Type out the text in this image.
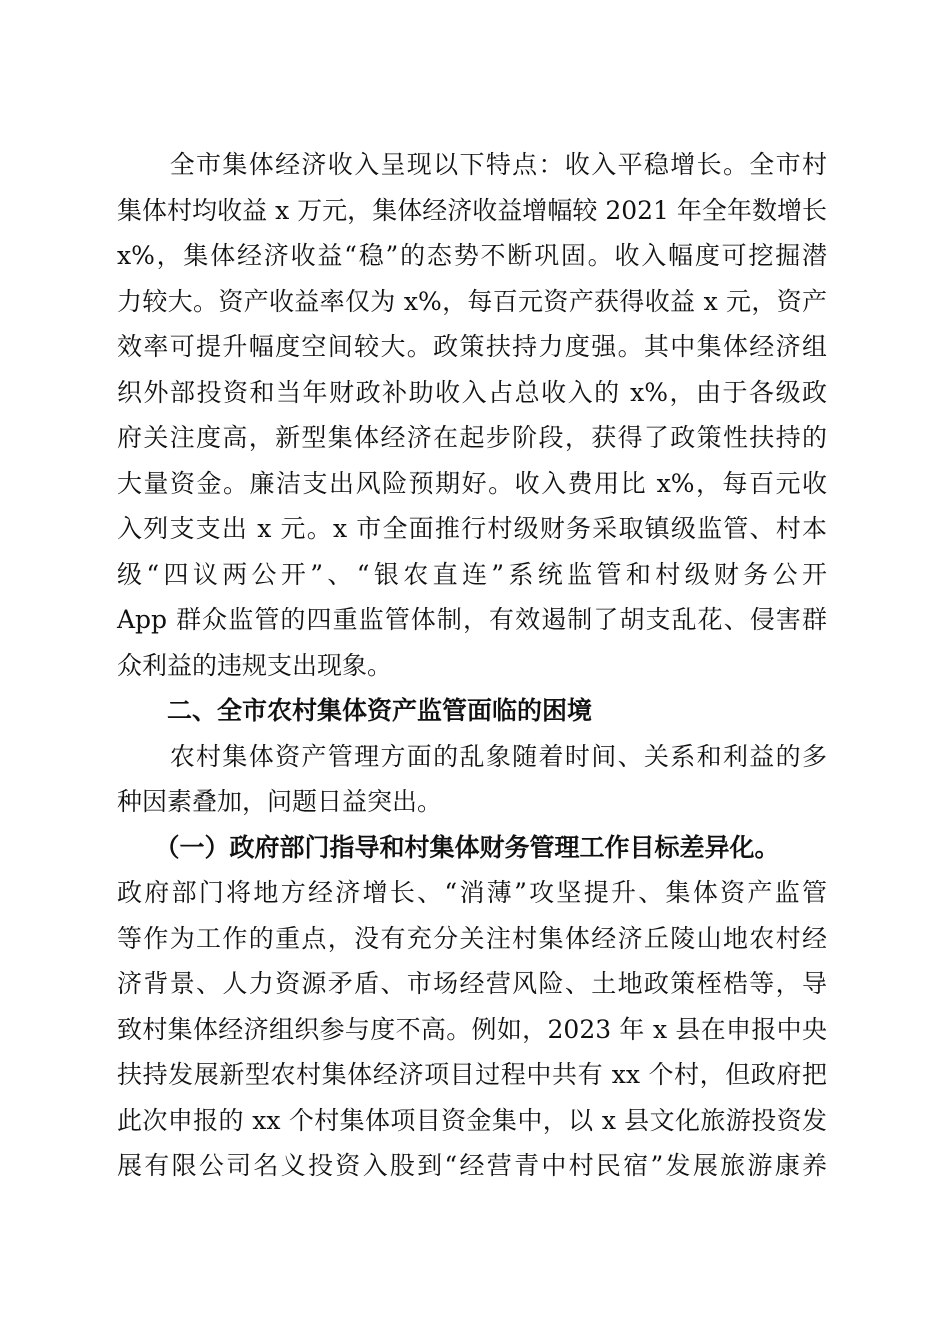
　　全市集体经济收入呈现以下特点：收入平稳增长。全市村
集体村均收益 x 万元，集体经济收益增幅较 2021 年全年数增长
x%，集体经济收益“稳”的态势不断巩固。收入幅度可挖掘潜
力较大。资产收益率仅为 x%，每百元资产获得收益 x 元，资产
效率可提升幅度空间较大。政策扶持力度强。其中集体经济组
织外部投资和当年财政补助收入占总收入的 x%，由于各级政
府关注度高，新型集体经济在起步阶段，获得了政策性扶持的
大量资金。廉洁支出风险预期好。收入费用比 x%，每百元收
入列支支出 x 元。x 市全面推行村级财务采取镇级监管、村本
级“四议两公开”、“银农直连”系统监管和村级财务公开
App 群众监管的四重监管体制，有效遏制了胡支乱花、侵害群
众利益的违规支出现象。
　　二、全市农村集体资产监管面临的困境
　　农村集体资产管理方面的乱象随着时间、关系和利益的多
种因素叠加，问题日益突出。
　　（一）政府部门指导和村集体财务管理工作目标差异化。
政府部门将地方经济增长、“消薄”攻坚提升、集体资产监管
等作为工作的重点，没有充分关注村集体经济丘陵山地农村经
济背景、人力资源矛盾、市场经营风险、土地政策桎梏等，导
致村集体经济组织参与度不高。例如，2023 年 x 县在申报中央
扶持发展新型农村集体经济项目过程中共有 xx 个村，但政府把
此次申报的 xx 个村集体项目资金集中，以 x 县文化旅游投资发
展有限公司名义投资入股到“经营青中村民宿”发展旅游康养
